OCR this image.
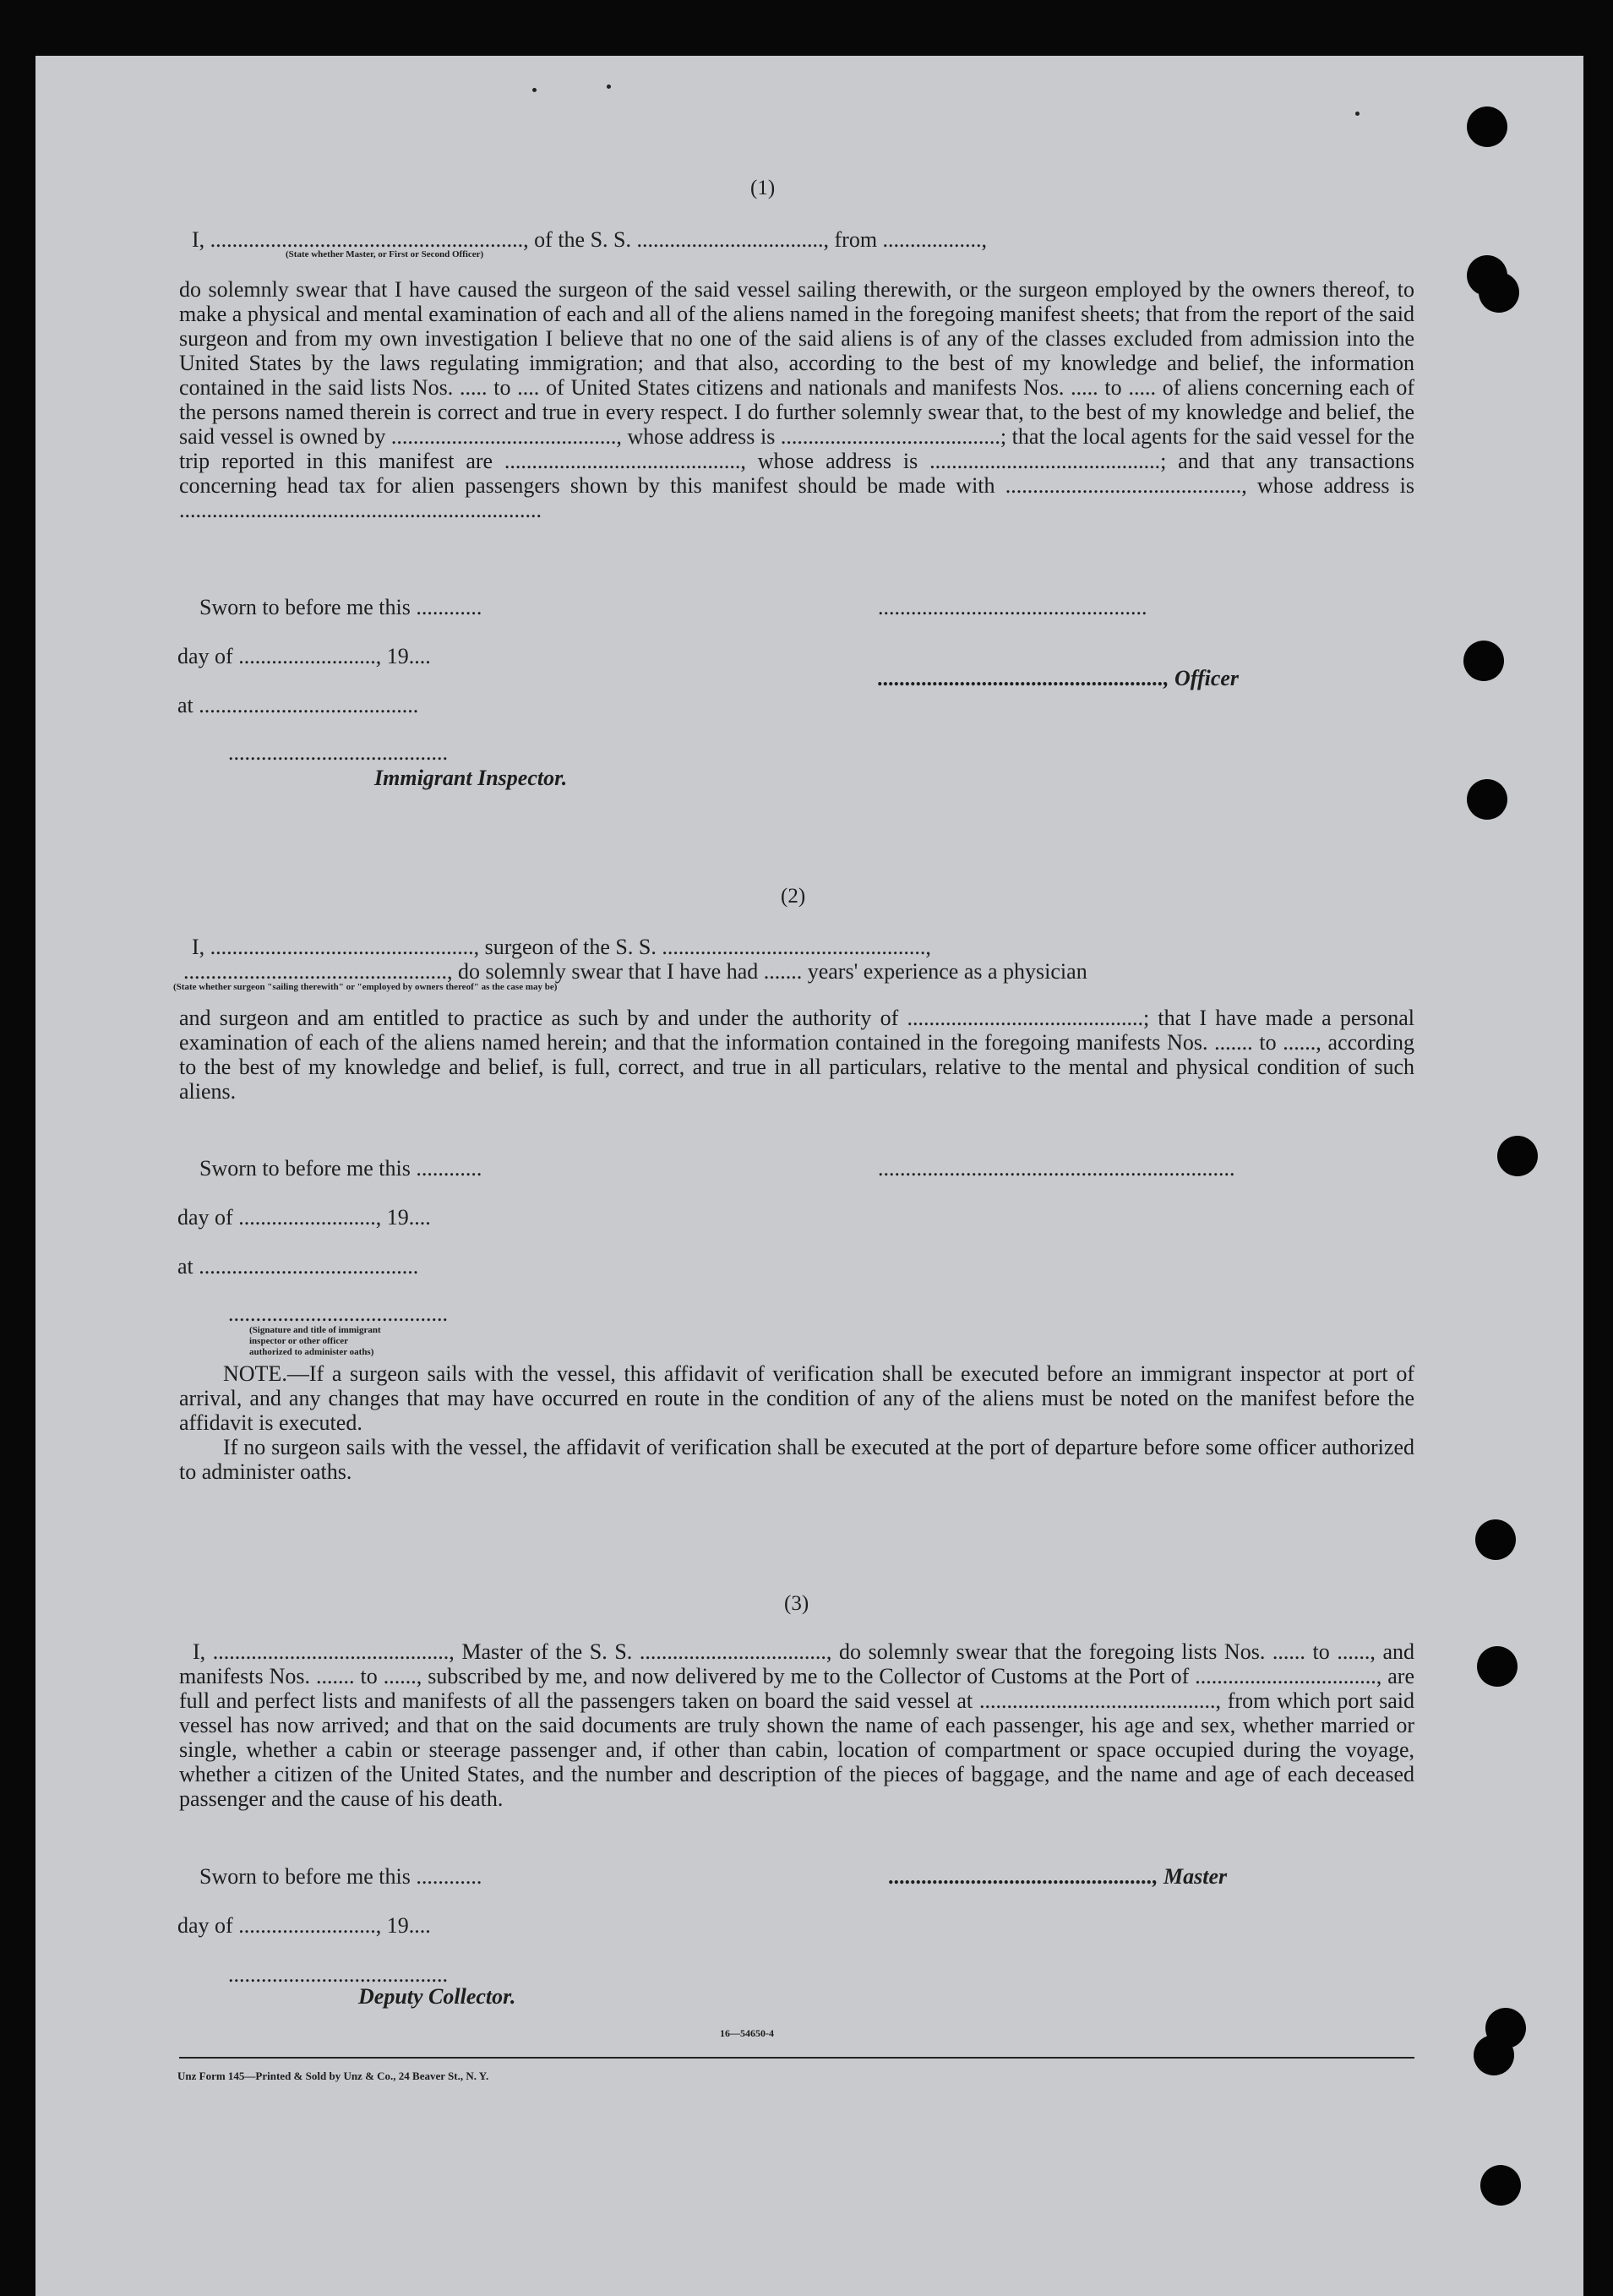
(1)
I, ........................................................., of the S. S. .................................., from ..................,
(State whether Master, or First or Second Officer)
do solemnly swear that I have caused the surgeon of the said vessel sailing therewith, or the surgeon employed by the owners thereof, to make a physical and mental examination of each and all of the aliens named in the foregoing manifest sheets; that from the report of the said surgeon and from my own investigation I believe that no one of the said aliens is of any of the classes excluded from admission into the United States by the laws regulating immigration; and that also, according to the best of my knowledge and belief, the information contained in the said lists Nos. ..... to .... of United States citizens and nationals and manifests Nos. ..... to ..... of aliens concerning each of the persons named therein is correct and true in every respect. I do further solemnly swear that, to the best of my knowledge and belief, the said vessel is owned by ........................................., whose address is ........................................; that the local agents for the said vessel for the trip reported in this manifest are ..........................................., whose address is ..........................................; and that any transactions concerning head tax for alien passengers shown by this manifest should be made with ..........................................., whose address is ..................................................................
Sworn to before me this ............	.................................................
day of ........................., 19....
...................................................., Officer
at ........................................
........................................
Immigrant Inspector.
(2)
I, ................................................, surgeon of the S. S. ................................................,
................................................, do solemnly swear that I have had ....... years' experience as a physician
(State whether surgeon "sailing therewith" or "employed by owners thereof" as the case may be)
and surgeon and am entitled to practice as such by and under the authority of ...........................................; that I have made a personal examination of each of the aliens named herein; and that the information contained in the foregoing manifests Nos. ....... to ......, according to the best of my knowledge and belief, is full, correct, and true in all particulars, relative to the mental and physical condition of such aliens.
Sworn to before me this ............	.................................................................
day of ........................., 19....
at ........................................
........................................
(Signature and title of immigrant inspector or other officer authorized to administer oaths)
NOTE.—If a surgeon sails with the vessel, this affidavit of verification shall be executed before an immigrant inspector at port of arrival, and any changes that may have occurred en route in the condition of any of the aliens must be noted on the manifest before the affidavit is executed.
If no surgeon sails with the vessel, the affidavit of verification shall be executed at the port of departure before some officer authorized to administer oaths.
(3)
I, ..........................................., Master of the S. S. .................................., do solemnly swear that the foregoing lists Nos. ...... to ......, and manifests Nos. ....... to ......, subscribed by me, and now delivered by me to the Collector of Customs at the Port of ................................., are full and perfect lists and manifests of all the passengers taken on board the said vessel at ..........................................., from which port said vessel has now arrived; and that on the said documents are truly shown the name of each passenger, his age and sex, whether married or single, whether a cabin or steerage passenger and, if other than cabin, location of compartment or space occupied during the voyage, whether a citizen of the United States, and the number and description of the pieces of baggage, and the name and age of each deceased passenger and the cause of his death.
Sworn to before me this ............	................................................, Master
day of ........................., 19....
........................................
Deputy Collector.
16—54650-4
Unz Form 145—Printed & Sold by Unz & Co., 24 Beaver St., N. Y.
